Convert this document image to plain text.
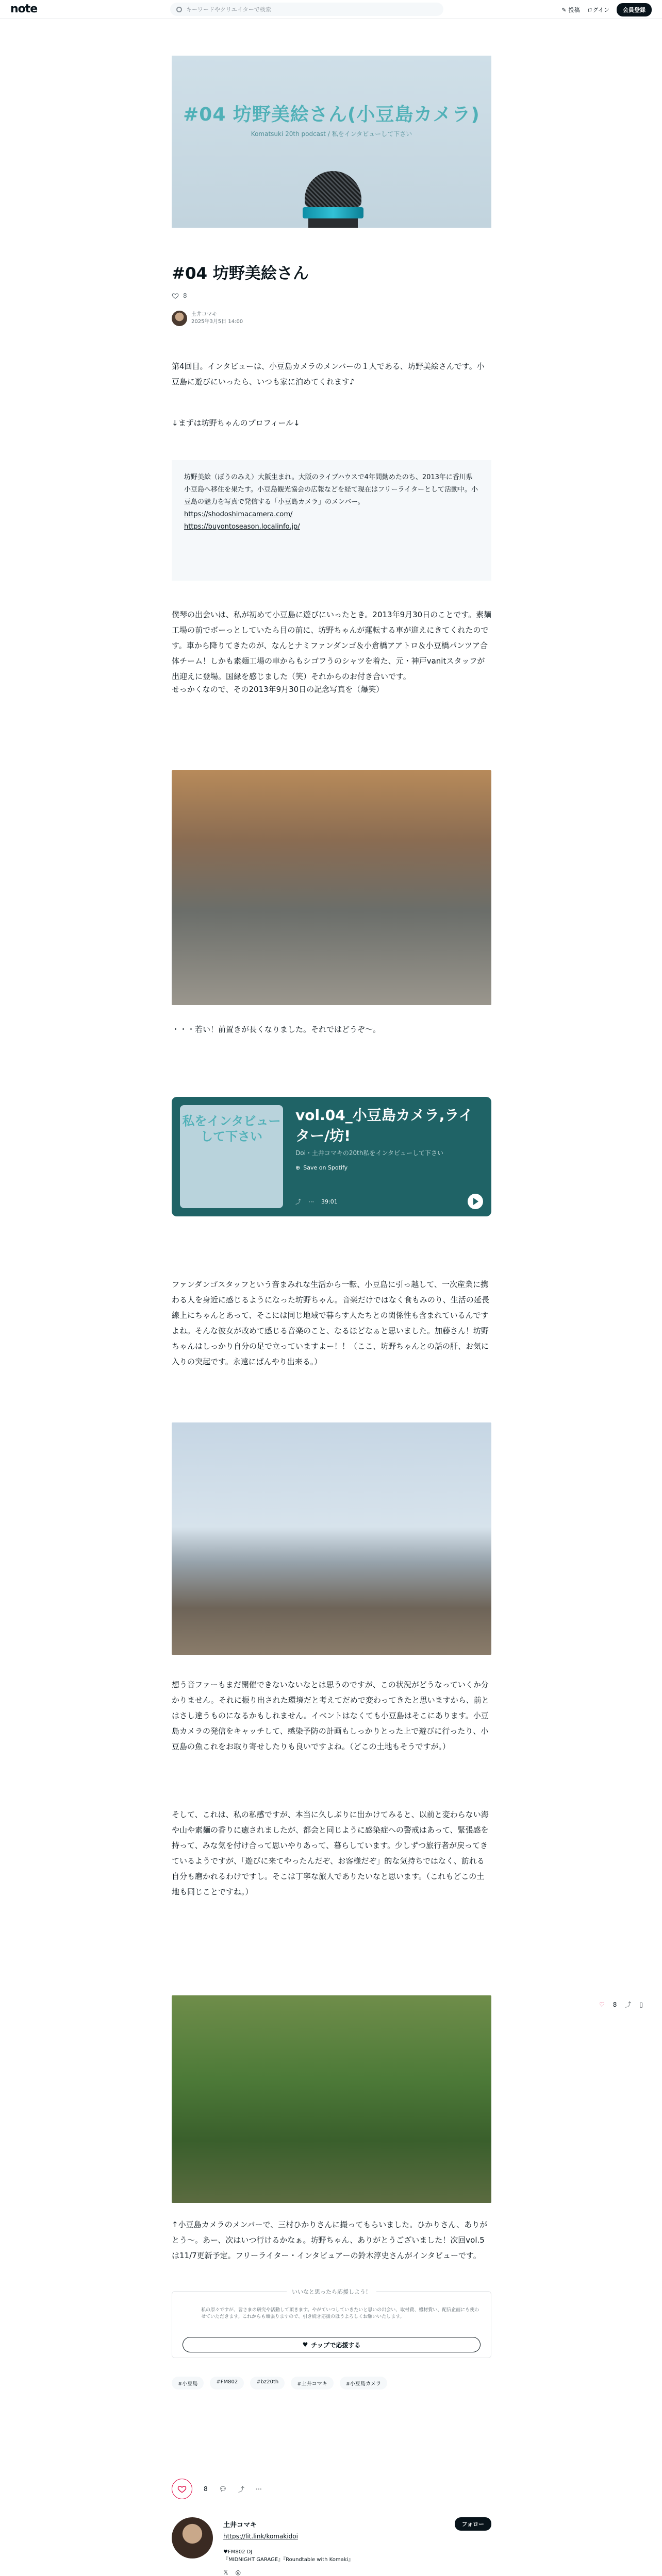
note	キーワードやクリエイターで検索	✎ 投稿 ログイン	会員登録
#04 坊野美絵さん(小豆島カメラ)
Komatsuki 20th podcast / 私をインタビューして下さい
#04 坊野美絵さん
8
土井コマキ
2025年3月5日 14:00

第4回目。インタビューは、小豆島カメラのメンバーの１人である、坊野美絵さんです。小豆島に遊びにいったら、いつも家に泊めてくれます♪

↓まずは坊野ちゃんのプロフィール↓

坊野美絵（ぼうのみえ）大阪生まれ。大阪のライブハウスで4年間勤めたのち、2013年に香川県小豆島へ移住を果たす。小豆島観光協会の広報などを経て現在はフリーライターとして活動中。小豆島の魅力を写真で発信する「小豆島カメラ」のメンバー。
https://shodoshimacamera.com/
https://buyontoseason.localinfo.jp/

僕琴の出会いは、私が初めて小豆島に遊びにいったとき。2013年9月30日のことです。素麺工場の前でボーっとしていたら目の前に、坊野ちゃんが運転する車が迎えにきてくれたのです。車から降りてきたのが、なんとナミファンダンゴ＆小倉橋アアトロ＆小豆橋パンツア合体チーム！しかも素麺工場の車からもシゴフうのシャツを着た、元・神戸vanitスタッフが出迎えに登場。国縁を感じました（笑）それからのお付き合いです。

せっかくなので、その2013年9月30日の記念写真を（爆笑）

・・・若い！前置きが長くなりました。それではどうぞ〜。

私をインタビューして下さい
vol.04_小豆島カメラ,ライター/坊!
Doi・土井コマキの20th私をインタビューして下さい
⊕ Save on Spotify
⤴ ⋯ 39:01

ファンダンゴスタッフという音まみれな生活から一転、小豆島に引っ越して、一次産業に携わる人を身近に感じるようになった坊野ちゃん。音楽だけではなく食もみのり、生活の延長線上にちゃんとあって、そこには同じ地域で暮らす人たちとの関係性も含まれているんですよね。そんな彼女が改めて感じる音楽のこと、なるほどなぁと思いました。加藤さん！坊野ちゃんはしっかり自分の足で立っていますよー！！（ここ、坊野ちゃんとの話の肝、お気に入りの突起です。永遠にばんやり出来る。）

想う音ファーもまだ開催できないないなとは思うのですが、この状況がどうなっていくか分かりません。それに振り出された環境だと考えてだめで変わってきたと思いますから、前とはさし違うものになるかもしれません。イベントはなくても小豆島はそこにあります。小豆島カメラの発信をキャッチして、感染予防の計画もしっかりとった上で遊びに行ったり、小豆島の魚これをお取り寄せしたりも良いですよね。（どこの土地もそうですが。）

そして、これは、私の私感ですが、本当に久しぶりに出かけてみると、以前と変わらない海や山や素麺の香りに癒されましたが、都会と同じように感染症への警戒はあって、緊張感を持って、みな気を付け合って思いやりあって、暮らしています。少しずつ旅行者が戻ってきているようですが、「遊びに来てやったんだぞ、お客様だぞ」的な気持ちではなく、訪れる自分も磨かれるわけですし。そこは丁寧な旅人でありたいなと思います。（これもどこの土地も同じことですね。）

↑小豆島カメラのメンバーで、三村ひかりさんに撮ってもらいました。ひかりさん、ありがとう〜。あー、次はいつ行けるかなぁ。坊野ちゃん、ありがとうございました！次回vol.5は11/7更新予定。フリーライター・インタビュアーの鈴木淳史さんがインタビューです。

いいなと思ったら応援しよう！
私の原々ですが、皆さまの研究や活動して頂きます。やがていつしていきたいと思いの出会い、取材費、機材費い、配信企画にも使わせていただきます。これからも頑張りますので、引き続き応援のほうよろしくお願いいたします。
♥ チップで応援する
#小豆島	#FM802	#bz20th	#土井コマキ	#小豆島カメラ
8 💬︎ ⤴ ⋯
土井コマキ
https://lit.link/komakidoi
♥FM802 DJ
『MIDNIGHT GARAGE』『Roundtable with Komaki』
𝕏 ◎
フォロー
♡ 8 ⤴ ▯
